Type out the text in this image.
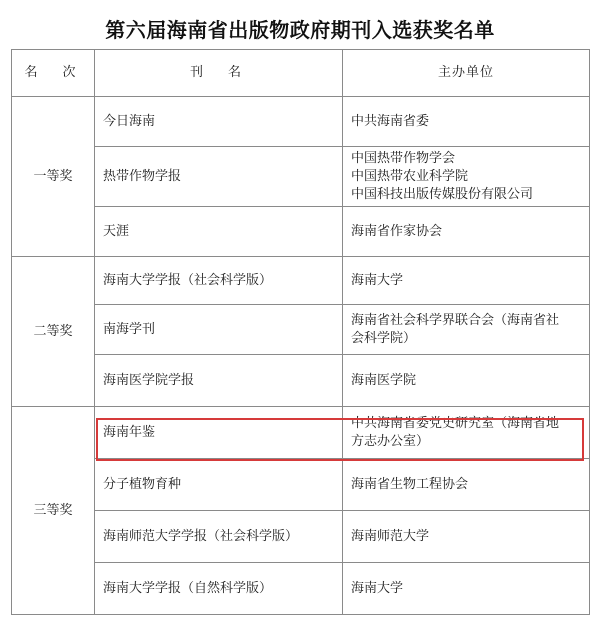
第六届海南省出版物政府期刊入选获奖名单
名　次	刊　名	主办单位
一等奖	今日海南	中共海南省委

	热带作物学报	中国热带作物学会
中国热带农业科学院
中国科技出版传媒股份有限公司

	天涯	海南省作家协会

二等奖	海南大学学报（社会科学版）	海南大学

	南海学刊	海南省社会科学界联合会（海南省社
会科学院）

	海南医学院学报	海南医学院

三等奖	海南年鉴	中共海南省委党史研究室（海南省地
方志办公室）

	分子植物育种	海南省生物工程协会

	海南师范大学学报（社会科学版）	海南师范大学

	海南大学学报（自然科学版）	海南大学
